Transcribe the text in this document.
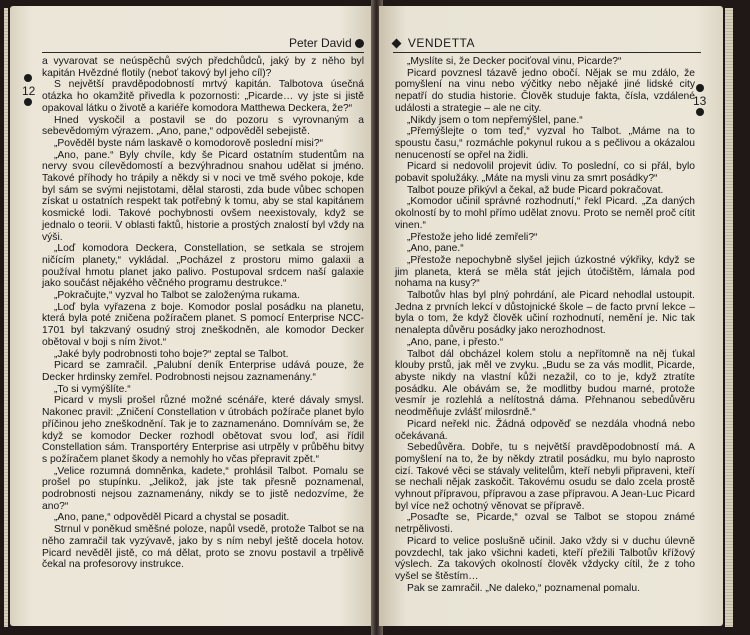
Peter David
12

a vyvarovat se neúspěchů svých předchůdců, jaký by z něho byl kapitán Hvězdné flotily (neboť takový byl jeho cíl)?

S největší pravděpodobností mrtvý kapitán. Talbotova úsečná otázka ho okamžitě přivedla k pozornosti: „Picarde… vy jste si jistě opakoval látku o životě a kariéře komodora Matthewa Deckera, že?“

Hned vyskočil a postavil se do pozoru s vyrovnaným a sebevědomým výrazem. „Ano, pane,“ odpověděl sebejistě.

„Pověděl byste nám laskavě o komodorově poslední misi?“

„Ano, pane.“ Byly chvíle, kdy še Picard ostatním studentům na nervy svou cílevědomostí a bezvýhradnou snahou udělat si jméno. Takové příhody ho trápily a někdy si v noci ve tmě svého pokoje, kde byl sám se svými nejistotami, dělal starosti, zda bude vůbec schopen získat u ostatních respekt tak potřebný k tomu, aby se stal kapitánem kosmické lodi. Takové pochybnosti ovšem neexistovaly, když se jednalo o teorii. V oblasti faktů, historie a prostých znalostí byl vždy na výši.

„Loď komodora Deckera, Constellation, se setkala se strojem ničícím planety,“ vykládal. „Pocházel z prostoru mimo galaxii a používal hmotu planet jako palivo. Postupoval srdcem naší galaxie jako součást nějakého věčného programu destrukce.“

„Pokračujte,“ vyzval ho Talbot se založenýma rukama.

„Loď byla vyřazena z boje. Komodor poslal posádku na planetu, která byla poté zničena požíračem planet. S pomocí Enterprise NCC-1701 byl takzvaný osudný stroj zneškodněn, ale komodor Decker obětoval v boji s ním život.“

„Jaké byly podrobnosti toho boje?“ zeptal se Talbot.

Picard se zamračil. „Palubní deník Enterprise udává pouze, že Decker hrdinsky zemřel. Podrobnosti nejsou zaznamenány.“

„To si vymýšlíte.“

Picard v mysli prošel různé možné scénáře, které dávaly smysl. Nakonec pravil: „Zničení Constellation v útrobách požírače planet bylo příčinou jeho zneškodnění. Tak je to zaznamenáno. Domnívám se, že když se komodor Decker rozhodl obětovat svou loď, asi řídil Constellation sám. Transportéry Enterprise asi utrpěly v průběhu bitvy s požíračem planet škody a nemohly ho včas přepravit zpět.“

„Velice rozumná domněnka, kadete,“ prohlásil Talbot. Pomalu se prošel po stupínku. „Jelikož, jak jste tak přesně poznamenal, podrobnosti nejsou zaznamenány, nikdy se to jistě nedozvíme, že ano?“

„Ano, pane,“ odpověděl Picard a chystal se posadit.

Strnul v poněkud směšné poloze, napůl vsedě, protože Talbot se na něho zamračil tak vyzývavě, jako by s ním nebyl ještě docela hotov. Picard nevěděl jistě, co má dělat, proto se znovu postavil a trpělivě čekal na profesorovy instrukce.

VENDETTA
13

„Myslíte si, že Decker pociťoval vinu, Picarde?“

Picard povznesl tázavě jedno obočí. Nějak se mu zdálo, že pomyšlení na vinu nebo výčitky nebo nějaké jiné lidské city nepatří do studia historie. Člověk studuje fakta, čísla, vzdálené události a strategie – ale ne city.

„Nikdy jsem o tom nepřemýšlel, pane.“

„Přemýšlejte o tom teď,“ vyzval ho Talbot. „Máme na to spoustu času,“ rozmáchle pokynul rukou a s pečlivou a okázalou nenuceností se opřel na židli.

Picard si nedovolil projevit údiv. To poslední, co si přál, bylo pobavit spolužáky. „Máte na mysli vinu za smrt posádky?“

Talbot pouze přikývl a čekal, až bude Picard pokračovat.

„Komodor učinil správné rozhodnutí,“ řekl Picard. „Za daných okolností by to mohl přímo udělat znovu. Proto se neměl proč cítit vinen.“

„Přestože jeho lidé zemřeli?“

„Ano, pane.“

„Přestože nepochybně slyšel jejich úzkostné výkřiky, když se jim planeta, která se měla stát jejich útočištěm, lámala pod nohama na kusy?“

Talbotův hlas byl plný pohrdání, ale Picard nehodlal ustoupit. Jedna z prvních lekcí v důstojnické škole – de facto první lekce – byla o tom, že když člověk učiní rozhodnutí, nemění je. Nic tak nenalepta důvěru posádky jako nerozhodnost.

„Ano, pane, i přesto.“

Talbot dál obcházel kolem stolu a nepřítomně na něj ťukal klouby prstů, jak měl ve zvyku. „Budu se za vás modlit, Picarde, abyste nikdy na vlastní kůži nezažil, co to je, když ztratíte posádku. Ale obávám se, že modlitby budou marné, protože vesmír je rozlehlá a nelítostná dáma. Přehnanou sebedůvěru neodměňuje zvlášť milosrdně.“

Picard neřekl nic. Žádná odpověď se nezdála vhodná nebo očekávaná.

Sebedůvěra. Dobře, tu s největší pravděpodobností má. A pomyšlení na to, že by někdy ztratil posádku, mu bylo naprosto cizí. Takové věci se stávaly velitelům, kteří nebyli připraveni, kteří se nechali nějak zaskočit. Takovému osudu se dalo zcela prostě vyhnout přípravou, přípravou a zase přípravou. A Jean-Luc Picard byl více než ochotný věnovat se přípravě.

„Posaďte se, Picarde,“ ozval se Talbot se stopou známé netrpělivosti.

Picard to velice poslušně učinil. Jako vždy si v duchu úlevně povzdechl, tak jako všichni kadeti, kteří přežili Talbotův křížový výslech. Za takových okolností člověk vždycky cítil, že z toho vyšel se štěstím…

Pak se zamračil. „Ne daleko,“ poznamenal pomalu.
